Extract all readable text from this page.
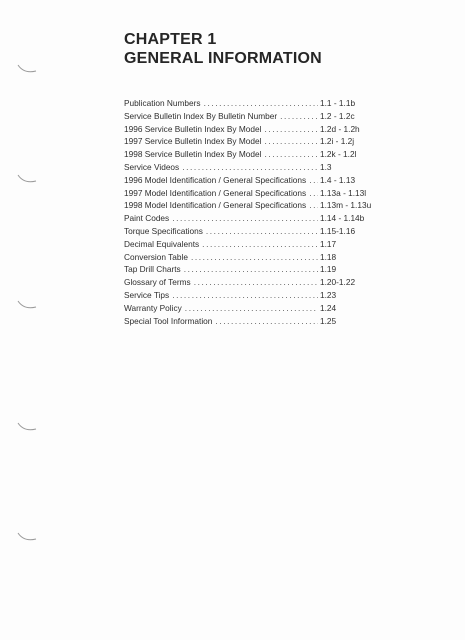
CHAPTER 1
GENERAL INFORMATION
Publication Numbers .....	1.1 - 1.1b
Service Bulletin Index By Bulletin Number .....	1.2 - 1.2c
1996 Service Bulletin Index By Model .....	1.2d - 1.2h
1997 Service Bulletin Index By Model .....	1.2i - 1.2j
1998 Service Bulletin Index By Model .....	1.2k - 1.2l
Service Videos .....	1.3
1996 Model Identification / General Specifications ..... 1.4 - 1.13
1997 Model Identification / General Specifications ..... 1.13a - 1.13l
1998 Model Identification / General Specifications ..... 1.13m - 1.13u
Paint Codes .....	1.14 - 1.14b
Torque Specifications .....	1.15-1.16
Decimal Equivalents .....	1.17
Conversion Table .....	1.18
Tap Drill Charts .....	1.19
Glossary of Terms .....	1.20-1.22
Service Tips .....	1.23
Warranty Policy .....	1.24
Special Tool Information .....	1.25
